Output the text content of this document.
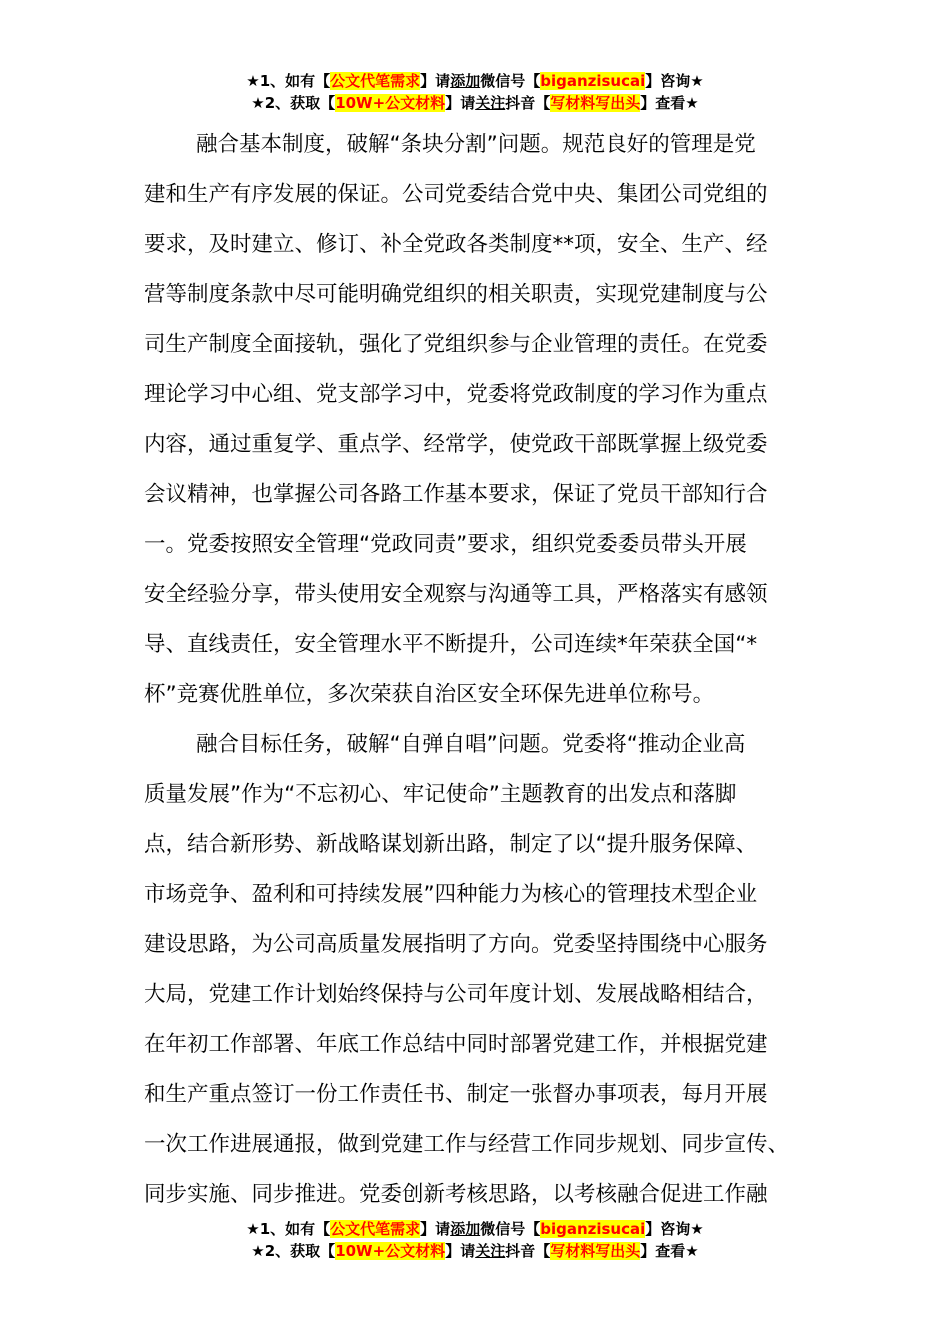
★1、如有【公文代笔需求】请添加微信号【biganzisucai】咨询★
★2、获取【10W+公文材料】请关注抖音【写材料写出头】查看★
融合基本制度，破解“条块分割”问题。规范良好的管理是党
建和生产有序发展的保证。公司党委结合党中央、集团公司党组的
要求，及时建立、修订、补全党政各类制度**项，安全、生产、经
营等制度条款中尽可能明确党组织的相关职责，实现党建制度与公
司生产制度全面接轨，强化了党组织参与企业管理的责任。在党委
理论学习中心组、党支部学习中，党委将党政制度的学习作为重点
内容，通过重复学、重点学、经常学，使党政干部既掌握上级党委
会议精神，也掌握公司各路工作基本要求，保证了党员干部知行合
一。党委按照安全管理“党政同责”要求，组织党委委员带头开展
安全经验分享，带头使用安全观察与沟通等工具，严格落实有感领
导、直线责任，安全管理水平不断提升，公司连续*年荣获全国“*
杯”竞赛优胜单位，多次荣获自治区安全环保先进单位称号。
融合目标任务，破解“自弹自唱”问题。党委将“推动企业高
质量发展”作为“不忘初心、牢记使命”主题教育的出发点和落脚
点，结合新形势、新战略谋划新出路，制定了以“提升服务保障、
市场竞争、盈利和可持续发展”四种能力为核心的管理技术型企业
建设思路，为公司高质量发展指明了方向。党委坚持围绕中心服务
大局，党建工作计划始终保持与公司年度计划、发展战略相结合，
在年初工作部署、年底工作总结中同时部署党建工作，并根据党建
和生产重点签订一份工作责任书、制定一张督办事项表，每月开展
一次工作进展通报，做到党建工作与经营工作同步规划、同步宣传、
同步实施、同步推进。党委创新考核思路，以考核融合促进工作融
★1、如有【公文代笔需求】请添加微信号【biganzisucai】咨询★
★2、获取【10W+公文材料】请关注抖音【写材料写出头】查看★
